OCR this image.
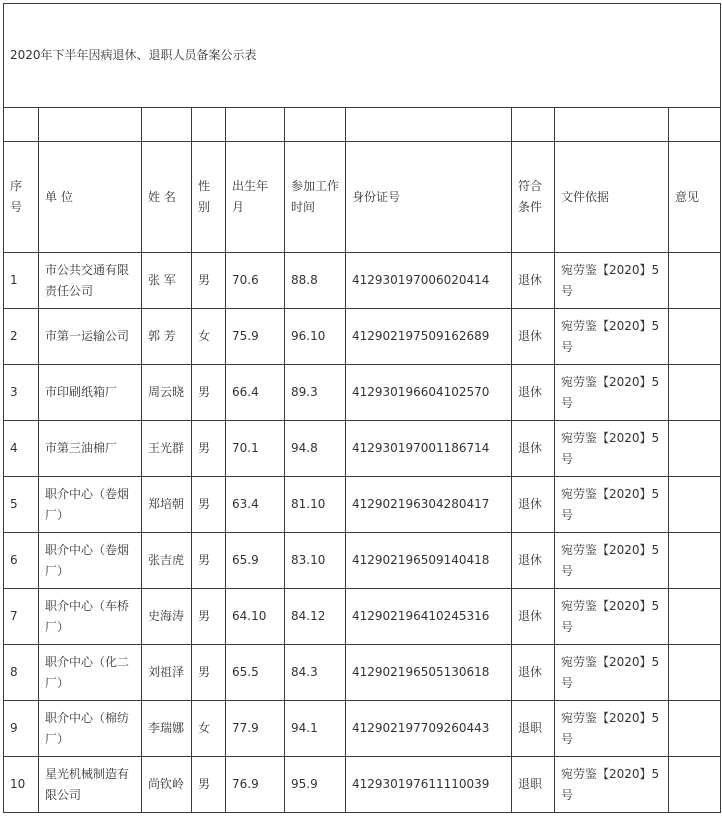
2020年下半年因病退休、退职人员备案公示表									

序号	单 位	姓 名	性别	出生年月	参加工作时间	身份证号	符合条件	文件依据	意见
1	市公共交通有限责任公司	张 军	男	70.6	88.8	412930197006020414	退休	宛劳鉴【2020】5号	
2	市第一运输公司	郭 芳	女	75.9	96.10	412902197509162689	退休	宛劳鉴【2020】5号	
3	市印刷纸箱厂	周云晓	男	66.4	89.3	412930196604102570	退休	宛劳鉴【2020】5号	
4	市第三油棉厂	王光群	男	70.1	94.8	412930197001186714	退休	宛劳鉴【2020】5号	
5	职介中心（卷烟厂）	郑培朝	男	63.4	81.10	412902196304280417	退休	宛劳鉴【2020】5号	
6	职介中心（卷烟厂）	张吉虎	男	65.9	83.10	412902196509140418	退休	宛劳鉴【2020】5号	
7	职介中心（车桥厂）	史海涛	男	64.10	84.12	412902196410245316	退休	宛劳鉴【2020】5号	
8	职介中心（化二厂）	刘祖泽	男	65.5	84.3	412902196505130618	退休	宛劳鉴【2020】5号	
9	职介中心（棉纺厂）	李瑞娜	女	77.9	94.1	412902197709260443	退职	宛劳鉴【2020】5号	
10	星光机械制造有限公司	尚钦岭	男	76.9	95.9	412930197611110039	退职	宛劳鉴【2020】5号	
